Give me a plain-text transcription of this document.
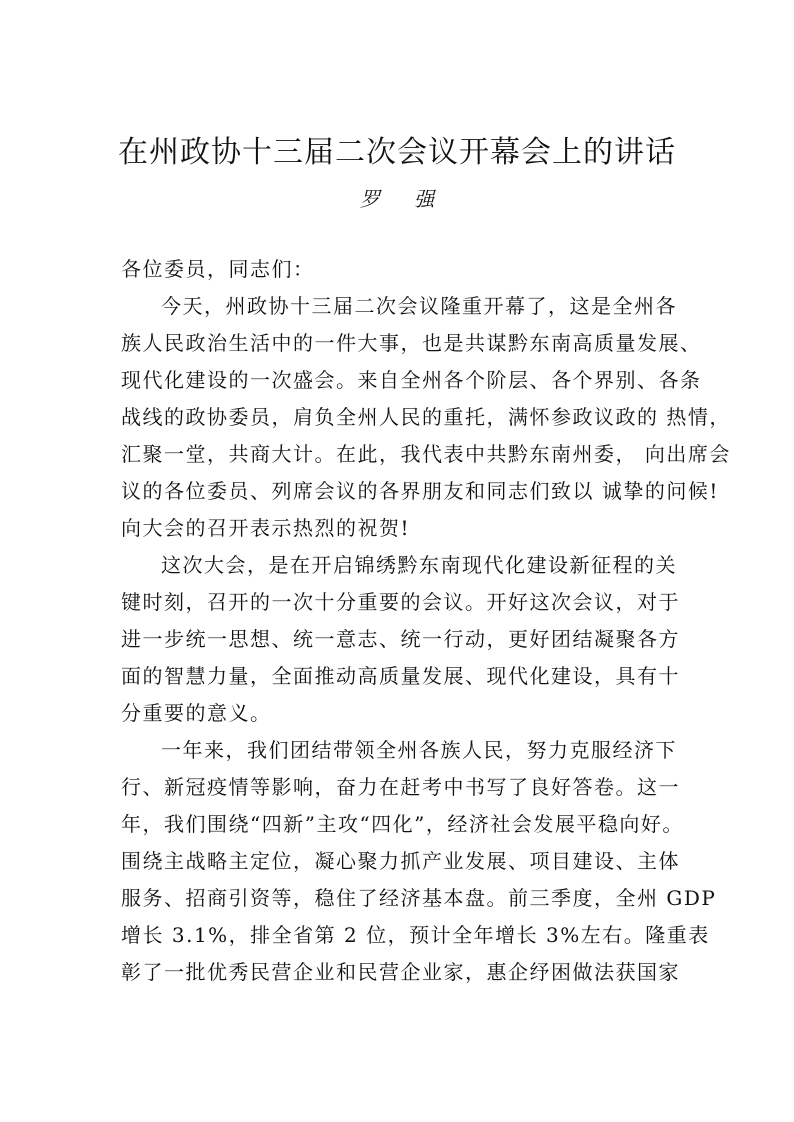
在州政协十三届二次会议开幕会上的讲话
罗 强
各位委员，同志们：
今天，州政协十三届二次会议隆重开幕了，这是全州各
族人民政治生活中的一件大事，也是共谋黔东南高质量发展、
现代化建设的一次盛会。来自全州各个阶层、各个界别、各条
战线的政协委员，肩负全州人民的重托，满怀参政议政的 热情，
汇聚一堂，共商大计。在此，我代表中共黔东南州委， 向出席会
议的各位委员、列席会议的各界朋友和同志们致以 诚挚的问候!
向大会的召开表示热烈的祝贺!
这次大会，是在开启锦绣黔东南现代化建设新征程的关
键时刻，召开的一次十分重要的会议。开好这次会议，对于
进一步统一思想、统一意志、统一行动，更好团结凝聚各方
面的智慧力量，全面推动高质量发展、现代化建设，具有十
分重要的意义。
一年来，我们团结带领全州各族人民，努力克服经济下
行、新冠疫情等影响，奋力在赶考中书写了良好答卷。这一
年，我们围绕“四新”主攻“四化”，经济社会发展平稳向好。
围绕主战略主定位，凝心聚力抓产业发展、项目建设、主体
服务、招商引资等，稳住了经济基本盘。前三季度，全州 GDP
增长 3.1%，排全省第 2 位，预计全年增长 3%左右。隆重表
彰了一批优秀民营企业和民营企业家，惠企纾困做法获国家
